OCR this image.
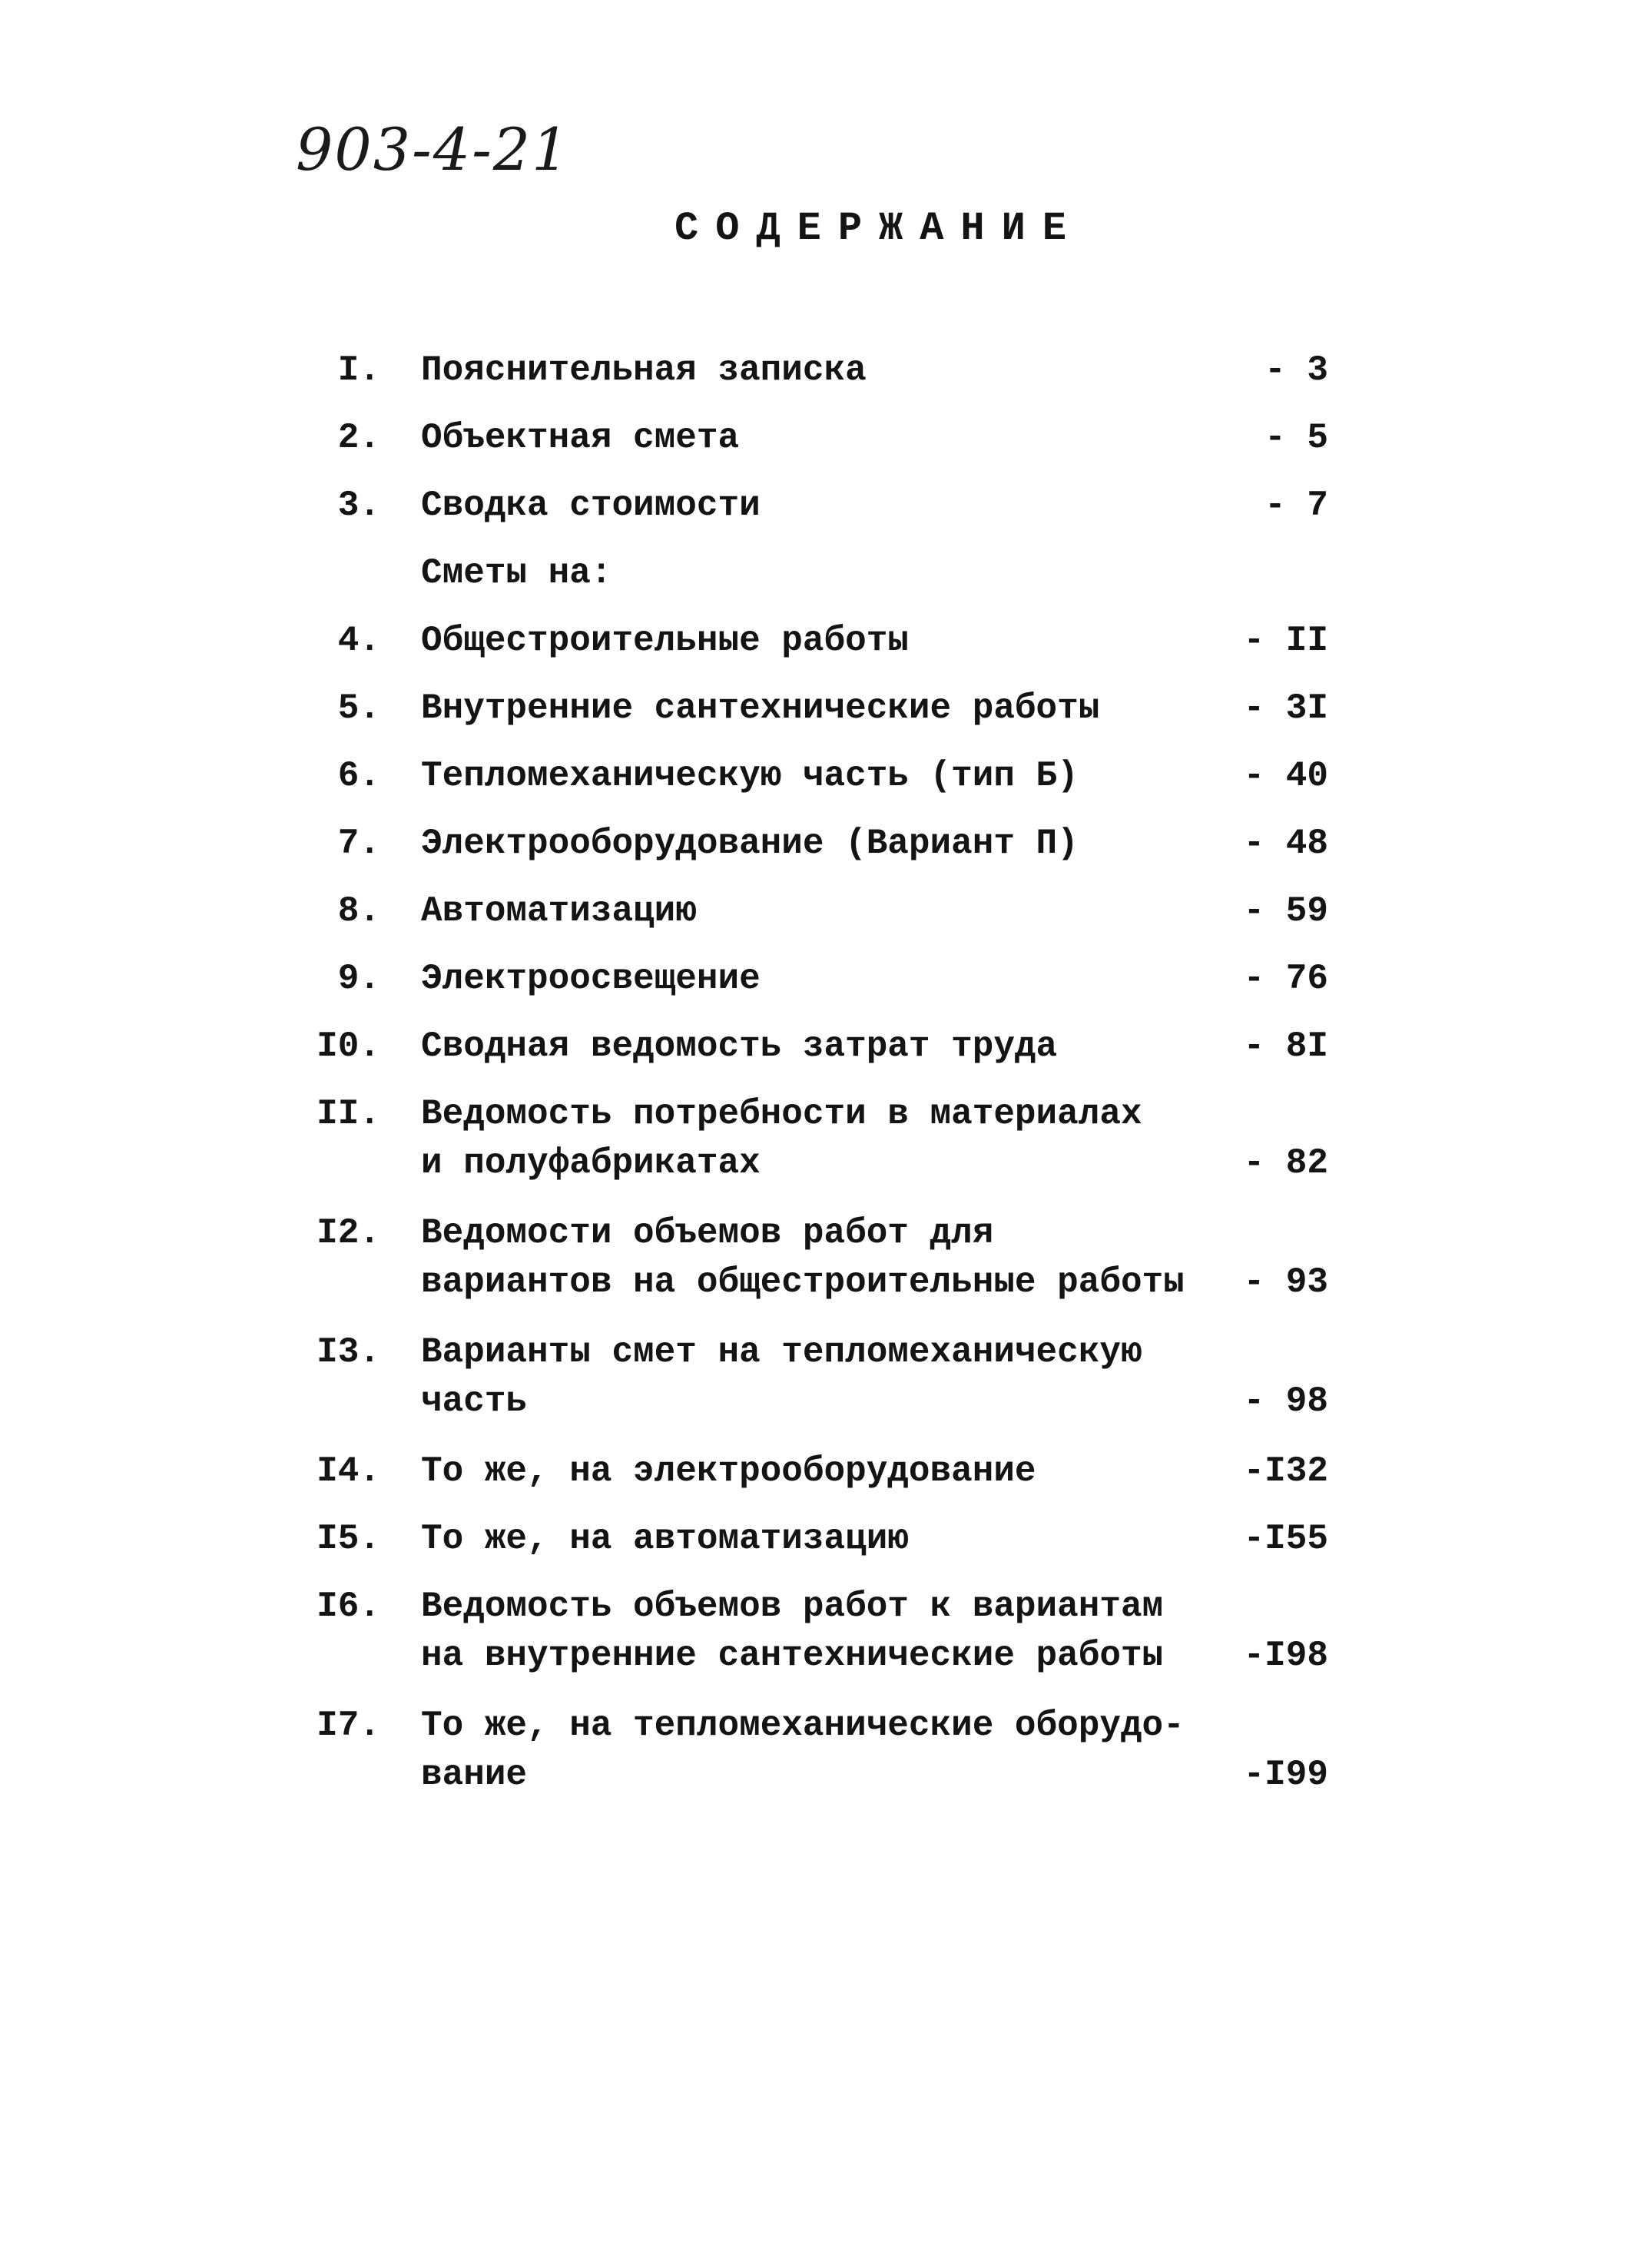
903-4-21
СОДЕРЖАНИЕ
I. Пояснительная записка	- 3
2. Объектная смета	- 5
3. Сводка стоимости	- 7
Сметы на:
4. Общестроительные работы	- II
5. Внутренние сантехнические работы	- 3I
6. Тепломеханическую часть (тип Б)	- 40
7. Электрооборудование (Вариант П)	- 48
8. Автоматизацию	- 59
9. Электроосвещение	- 76
I0. Сводная ведомость затрат труда	- 8I
II. Ведомость потребности в материалах
и полуфабрикатах	- 82
I2. Ведомости объемов работ для
вариантов на общестроительные работы - 93
I3. Варианты смет на тепломеханическую
часть	- 98
I4. То же, на электрооборудование	-I32
I5. То же, на автоматизацию	-I55
I6. Ведомость объемов работ к вариантам
на внутренние сантехнические работы -I98
I7. То же, на тепломеханические оборудо-
вание	-I99
